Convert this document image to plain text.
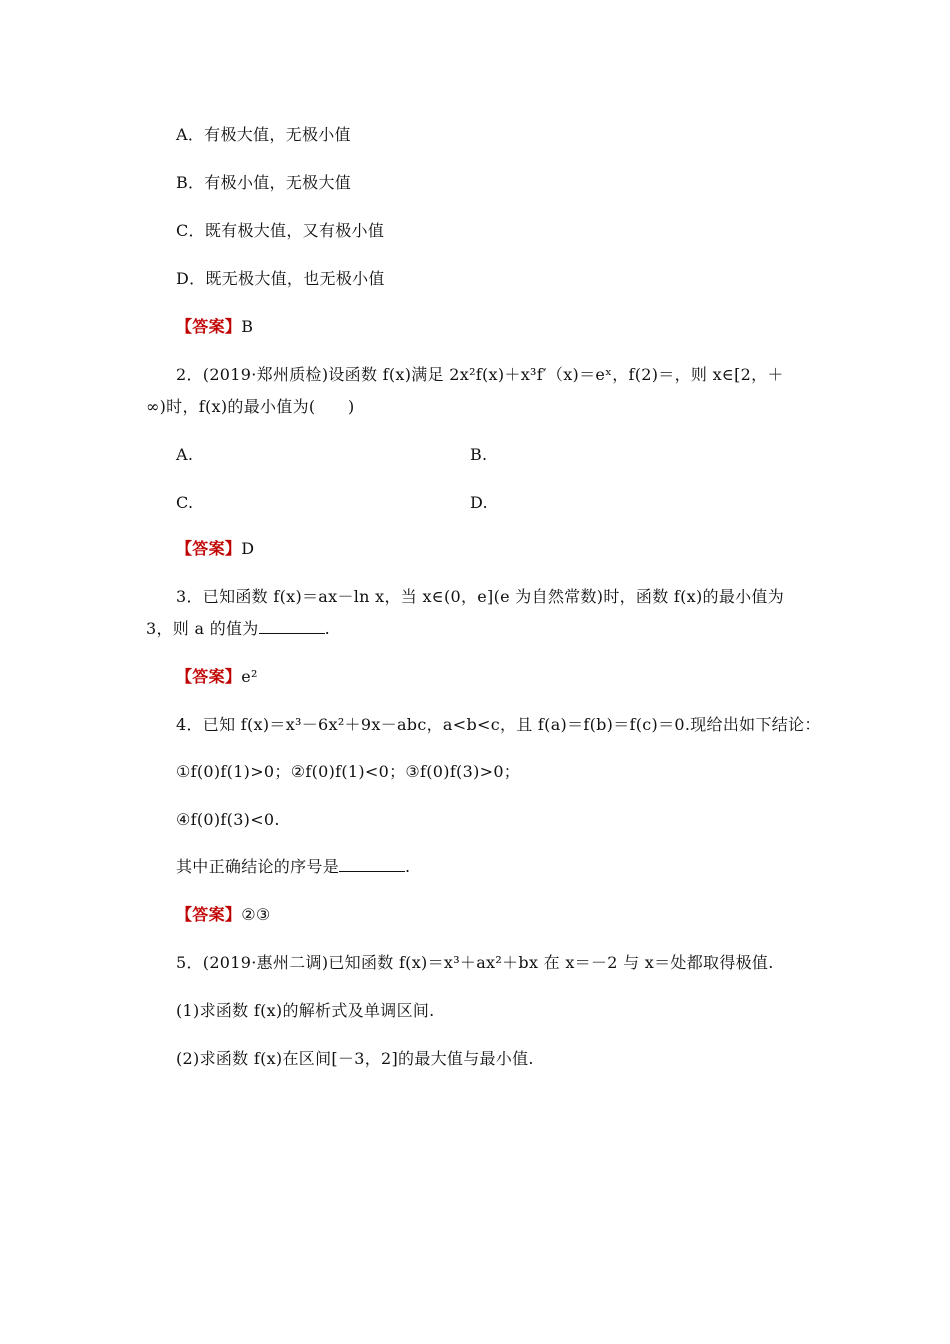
A．有极大值，无极小值
B．有极小值，无极大值
C．既有极大值，又有极小值
D．既无极大值，也无极小值
【答案】B
2．(2019·郑州质检)设函数 f(x)满足 2x²f(x)＋x³f′（x)＝eˣ，f(2)＝，则 x∈[2，＋
∞)时，f(x)的最小值为(　　)
A.	B.
C.	D.
【答案】D
3．已知函数 f(x)＝ax－ln x，当 x∈(0，e](e 为自然常数)时，函数 f(x)的最小值为
3，则 a 的值为	.
【答案】e²
4．已知 f(x)＝x³－6x²＋9x－abc，a<b<c，且 f(a)＝f(b)＝f(c)＝0.现给出如下结论：
①f(0)f(1)>0；②f(0)f(1)<0；③f(0)f(3)>0；
④f(0)f(3)<0.
其中正确结论的序号是	.
【答案】②③
5．(2019·惠州二调)已知函数 f(x)＝x³＋ax²＋bx 在 x＝－2 与 x＝处都取得极值.
(1)求函数 f(x)的解析式及单调区间.
(2)求函数 f(x)在区间[－3，2]的最大值与最小值.
